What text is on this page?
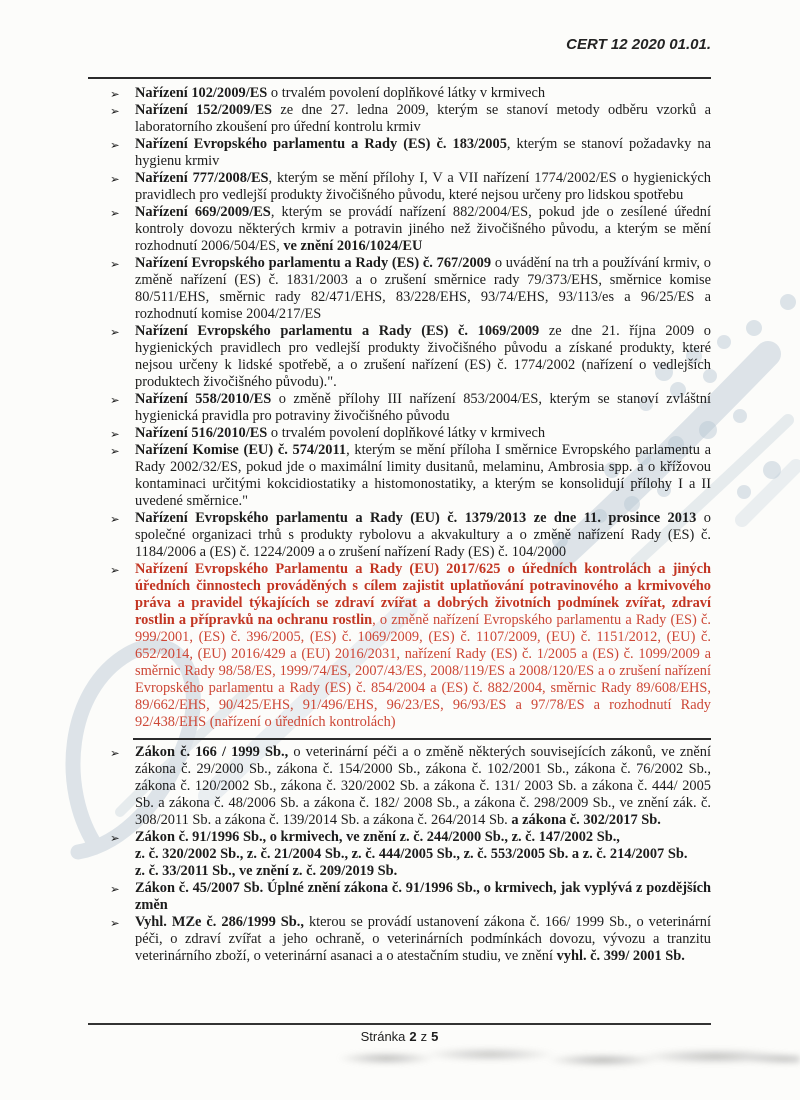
CERT 12 2020 01.01.
➢ Nařízení 102/2009/ES o trvalém povolení doplňkové látky v krmivech
➢ Nařízení 152/2009/ES ze dne 27. ledna 2009, kterým se stanoví metody odběru vzorků a laboratorního zkoušení pro úřední kontrolu krmiv
➢ Nařízení Evropského parlamentu a Rady (ES) č. 183/2005, kterým se stanoví požadavky na hygienu krmiv
➢ Nařízení 777/2008/ES, kterým se mění přílohy I, V a VII nařízení 1774/2002/ES o hygienických pravidlech pro vedlejší produkty živočišného původu, které nejsou určeny pro lidskou spotřebu
➢ Nařízení 669/2009/ES, kterým se provádí nařízení 882/2004/ES, pokud jde o zesílené úřední kontroly dovozu některých krmiv a potravin jiného než živočišného původu, a kterým se mění rozhodnutí 2006/504/ES, ve znění 2016/1024/EU
➢ Nařízení Evropského parlamentu a Rady (ES) č. 767/2009 o uvádění na trh a používání krmiv, o změně nařízení (ES) č. 1831/2003 a o zrušení směrnice rady 79/373/EHS, směrnice komise 80/511/EHS, směrnic rady 82/471/EHS, 83/228/EHS, 93/74/EHS, 93/113/es a 96/25/ES a rozhodnutí komise 2004/217/ES
➢ Nařízení Evropského parlamentu a Rady (ES) č. 1069/2009 ze dne 21. října 2009 o hygienických pravidlech pro vedlejší produkty živočišného původu a získané produkty, které nejsou určeny k lidské spotřebě, a o zrušení nařízení (ES) č. 1774/2002 (nařízení o vedlejších produktech živočišného původu).".
➢ Nařízení 558/2010/ES o změně přílohy III nařízení 853/2004/ES, kterým se stanoví zvláštní hygienická pravidla pro potraviny živočišného původu
➢ Nařízení 516/2010/ES o trvalém povolení doplňkové látky v krmivech
➢ Nařízení Komise (EU) č. 574/2011, kterým se mění příloha I směrnice Evropského parlamentu a Rady 2002/32/ES, pokud jde o maximální limity dusitanů, melaminu, Ambrosia spp. a o křížovou kontaminaci určitými kokcidiostatiky a histomonostatiky, a kterým se konsolidují přílohy I a II uvedené směrnice."
➢ Nařízení Evropského parlamentu a Rady (EU) č. 1379/2013 ze dne 11. prosince 2013 o společné organizaci trhů s produkty rybolovu a akvakultury a o změně nařízení Rady (ES) č. 1184/2006 a (ES) č. 1224/2009 a o zrušení nařízení Rady (ES) č. 104/2000
➢ Nařízení Evropského Parlamentu a Rady (EU) 2017/625 o úředních kontrolách a jiných úředních činnostech prováděných s cílem zajistit uplatňování potravinového a krmivového práva a pravidel týkajících se zdraví zvířat a dobrých životních podmínek zvířat, zdraví rostlin a přípravků na ochranu rostlin, o změně nařízení Evropského parlamentu a Rady (ES) č. 999/2001, (ES) č. 396/2005, (ES) č. 1069/2009, (ES) č. 1107/2009, (EU) č. 1151/2012, (EU) č. 652/2014, (EU) 2016/429 a (EU) 2016/2031, nařízení Rady (ES) č. 1/2005 a (ES) č. 1099/2009 a směrnic Rady 98/58/ES, 1999/74/ES, 2007/43/ES, 2008/119/ES a 2008/120/ES a o zrušení nařízení Evropského parlamentu a Rady (ES) č. 854/2004 a (ES) č. 882/2004, směrnic Rady 89/608/EHS, 89/662/EHS, 90/425/EHS, 91/496/EHS, 96/23/ES, 96/93/ES a 97/78/ES a rozhodnutí Rady 92/438/EHS (nařízení o úředních kontrolách)
➢ Zákon č. 166 / 1999 Sb., o veterinární péči a o změně některých souvisejících zákonů, ve znění zákona č. 29/2000 Sb., zákona č. 154/2000 Sb., zákona č. 102/2001 Sb., zákona č. 76/2002 Sb., zákona č. 120/2002 Sb., zákona č. 320/2002 Sb. a zákona č. 131/ 2003 Sb. a zákona č. 444/ 2005 Sb. a zákona č. 48/2006 Sb. a zákona č. 182/ 2008 Sb., a zákona č. 298/2009 Sb., ve znění zák. č. 308/2011 Sb. a zákona č. 139/2014 Sb. a zákona č. 264/2014 Sb. a zákona č. 302/2017 Sb.
➢ Zákon č. 91/1996 Sb., o krmivech, ve znění z. č. 244/2000 Sb., z. č. 147/2002 Sb.,
z. č. 320/2002 Sb., z. č. 21/2004 Sb., z. č. 444/2005 Sb., z. č. 553/2005 Sb. a z. č. 214/2007 Sb.
z. č. 33/2011 Sb., ve znění z. č. 209/2019 Sb.
➢ Zákon č. 45/2007 Sb. Úplné znění zákona č. 91/1996 Sb., o krmivech, jak vyplývá z pozdějších změn
➢ Vyhl. MZe č. 286/1999 Sb., kterou se provádí ustanovení zákona č. 166/ 1999 Sb., o veterinární péči, o zdraví zvířat a jeho ochraně, o veterinárních podmínkách dovozu, vývozu a tranzitu veterinárního zboží, o veterinární asanaci a o atestačním studiu, ve znění vyhl. č. 399/ 2001 Sb.
Stránka 2 z 5
